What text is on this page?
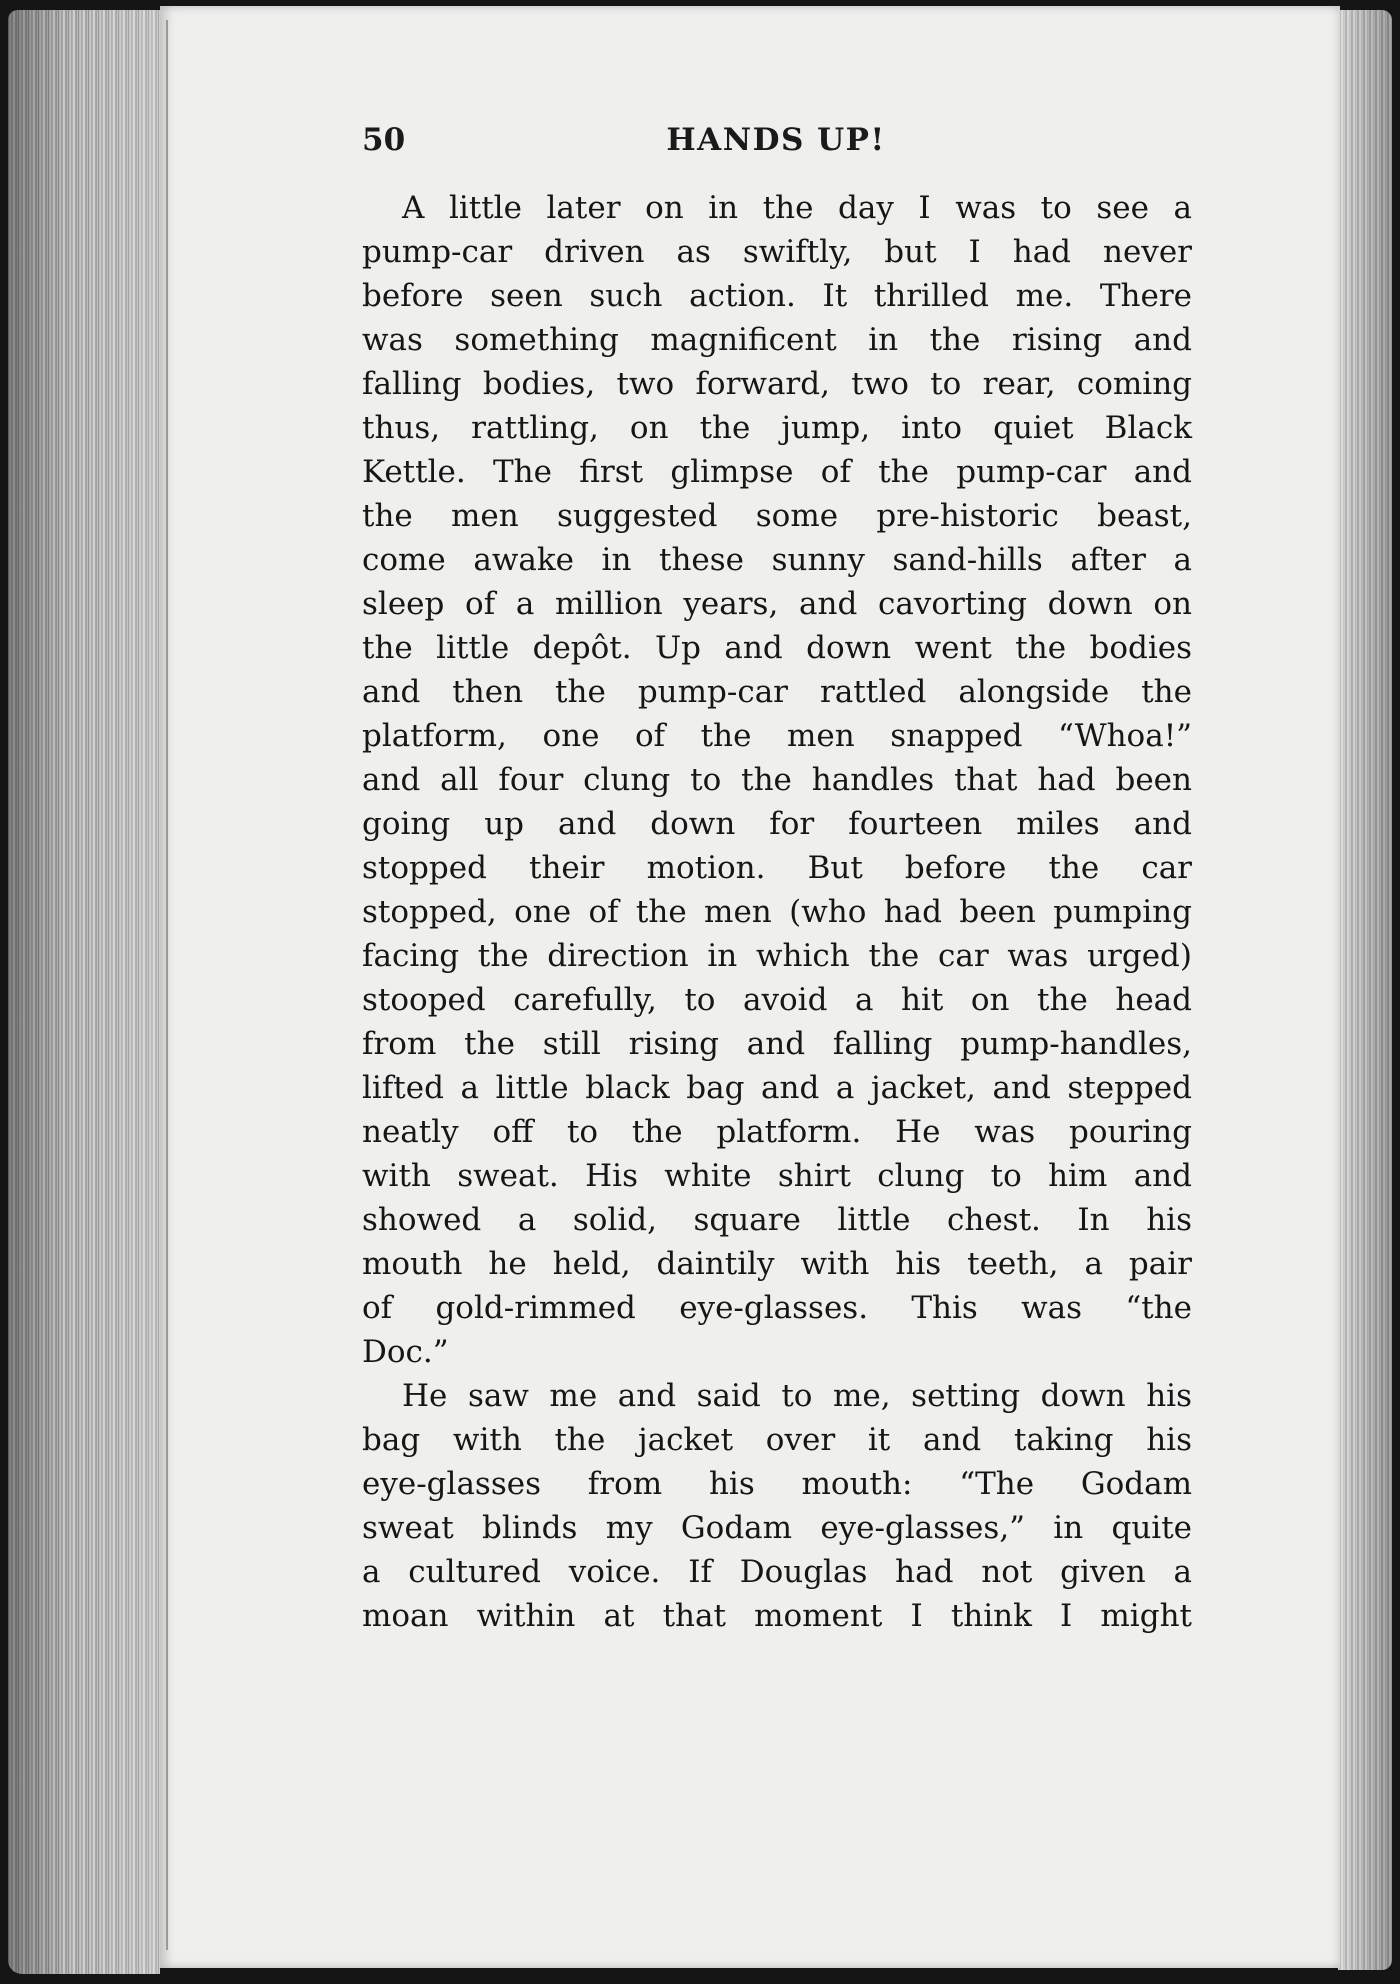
50	HANDS UP!
A little later on in the day I was to see a
pump-car driven as swiftly, but I had never
before seen such action. It thrilled me. There
was something magnificent in the rising and
falling bodies, two forward, two to rear, coming
thus, rattling, on the jump, into quiet Black
Kettle. The first glimpse of the pump-car and
the men suggested some pre-historic beast,
come awake in these sunny sand-hills after a
sleep of a million years, and cavorting down on
the little depôt. Up and down went the bodies
and then the pump-car rattled alongside the
platform, one of the men snapped “Whoa!”
and all four clung to the handles that had been
going up and down for fourteen miles and
stopped their motion. But before the car
stopped, one of the men (who had been pumping
facing the direction in which the car was urged)
stooped carefully, to avoid a hit on the head
from the still rising and falling pump-handles,
lifted a little black bag and a jacket, and stepped
neatly off to the platform. He was pouring
with sweat. His white shirt clung to him and
showed a solid, square little chest. In his
mouth he held, daintily with his teeth, a pair
of gold-rimmed eye-glasses. This was “the
Doc.”
He saw me and said to me, setting down his
bag with the jacket over it and taking his
eye-glasses from his mouth: “The Godam
sweat blinds my Godam eye-glasses,” in quite
a cultured voice. If Douglas had not given a
moan within at that moment I think I might
